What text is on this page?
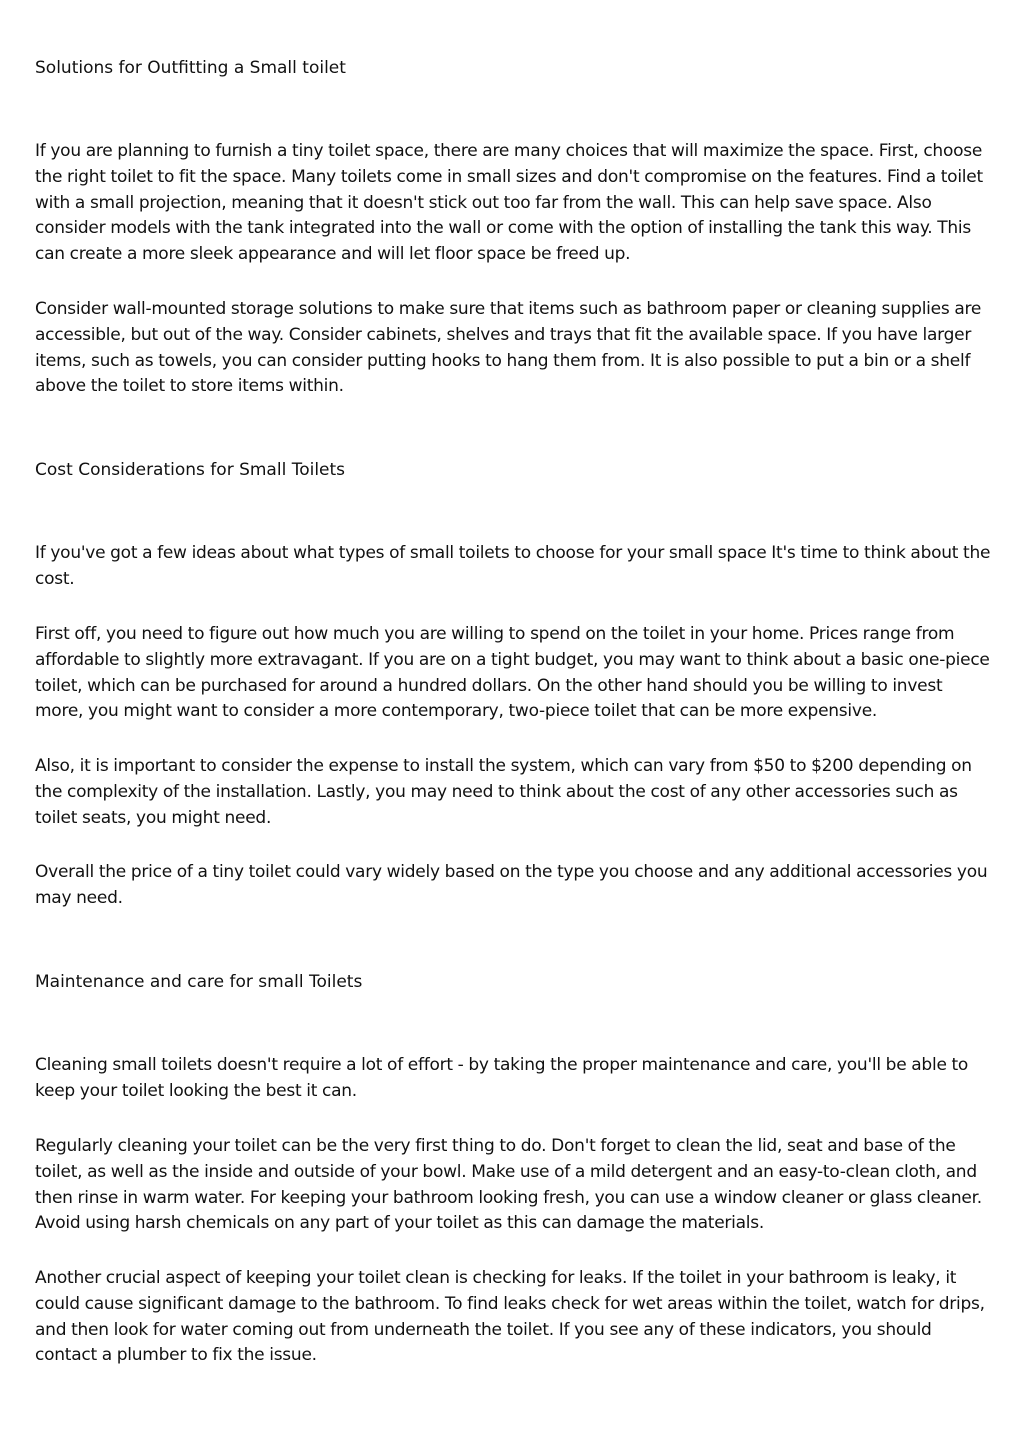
Solutions for Outfitting a Small toilet

If you are planning to furnish a tiny toilet space, there are many choices that will maximize the space. First, choose the right toilet to fit the space. Many toilets come in small sizes and don't compromise on the features. Find a toilet with a small projection, meaning that it doesn't stick out too far from the wall. This can help save space. Also consider models with the tank integrated into the wall or come with the option of installing the tank this way. This can create a more sleek appearance and will let floor space be freed up.

Consider wall-mounted storage solutions to make sure that items such as bathroom paper or cleaning supplies are accessible, but out of the way. Consider cabinets, shelves and trays that fit the available space. If you have larger items, such as towels, you can consider putting hooks to hang them from. It is also possible to put a bin or a shelf above the toilet to store items within.

Cost Considerations for Small Toilets

If you've got a few ideas about what types of small toilets to choose for your small space It's time to think about the cost.

First off, you need to figure out how much you are willing to spend on the toilet in your home. Prices range from affordable to slightly more extravagant. If you are on a tight budget, you may want to think about a basic one-piece toilet, which can be purchased for around a hundred dollars. On the other hand should you be willing to invest more, you might want to consider a more contemporary, two-piece toilet that can be more expensive.

Also, it is important to consider the expense to install the system, which can vary from $50 to $200 depending on the complexity of the installation. Lastly, you may need to think about the cost of any other accessories such as toilet seats, you might need.

Overall the price of a tiny toilet could vary widely based on the type you choose and any additional accessories you may need.

Maintenance and care for small Toilets

Cleaning small toilets doesn't require a lot of effort - by taking the proper maintenance and care, you'll be able to keep your toilet looking the best it can.

Regularly cleaning your toilet can be the very first thing to do. Don't forget to clean the lid, seat and base of the toilet, as well as the inside and outside of your bowl. Make use of a mild detergent and an easy-to-clean cloth, and then rinse in warm water. For keeping your bathroom looking fresh, you can use a window cleaner or glass cleaner. Avoid using harsh chemicals on any part of your toilet as this can damage the materials.

Another crucial aspect of keeping your toilet clean is checking for leaks. If the toilet in your bathroom is leaky, it could cause significant damage to the bathroom. To find leaks check for wet areas within the toilet, watch for drips, and then look for water coming out from underneath the toilet. If you see any of these indicators, you should contact a plumber to fix the issue.
